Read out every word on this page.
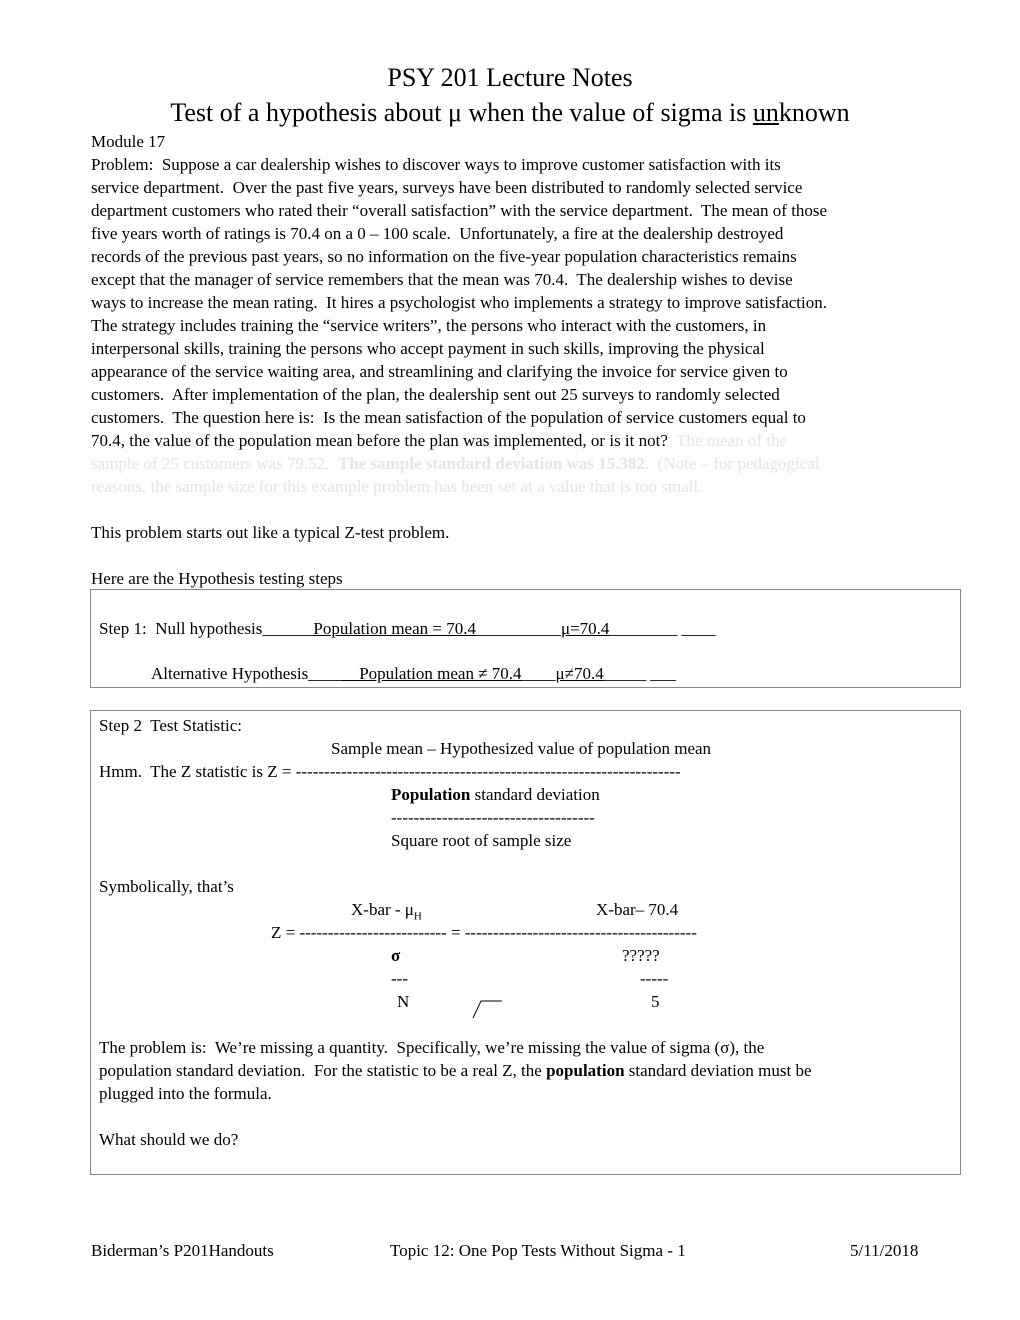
PSY 201 Lecture Notes
Test of a hypothesis about μ when the value of sigma is unknown
Module 17
Problem:  Suppose a car dealership wishes to discover ways to improve customer satisfaction with its
service department.  Over the past five years, surveys have been distributed to randomly selected service
department customers who rated their “overall satisfaction” with the service department.  The mean of those
five years worth of ratings is 70.4 on a 0 – 100 scale.  Unfortunately, a fire at the dealership destroyed
records of the previous past years, so no information on the five-year population characteristics remains
except that the manager of service remembers that the mean was 70.4.  The dealership wishes to devise
ways to increase the mean rating.  It hires a psychologist who implements a strategy to improve satisfaction.
The strategy includes training the “service writers”, the persons who interact with the customers, in
interpersonal skills, training the persons who accept payment in such skills, improving the physical
appearance of the service waiting area, and streamlining and clarifying the invoice for service given to
customers.  After implementation of the plan, the dealership sent out 25 surveys to randomly selected
customers.  The question here is:  Is the mean satisfaction of the population of service customers equal to
70.4, the value of the population mean before the plan was implemented, or is it not?  The mean of the
sample of 25 customers was 79.52.  The sample standard deviation was 15.382.  (Note – for pedagogical
reasons, the sample size for this example problem has been set at a value that is too small.
This problem starts out like a typical Z-test problem.
Here are the Hypothesis testing steps
Step 1:  Null hypothesis______Population mean = 70.4__________μ=70.4________ ____
Alternative Hypothesis______Population mean ≠ 70.4____μ≠70.4_____ ___
Step 2  Test Statistic:
Sample mean – Hypothesized value of population mean
Hmm.  The Z statistic is Z = --------------------------------------------------------------------
Population standard deviation
------------------------------------
Square root of sample size
Symbolically, that’s
$X-bar - \mu_H$	X-bar– 70.4
Z = -------------------------- = -----------------------------------------
σ	?????
---	-----
N	5
The problem is:  We’re missing a quantity.  Specifically, we’re missing the value of sigma (σ), the
population standard deviation.  For the statistic to be a real Z, the population standard deviation must be
plugged into the formula.
What should we do?
Biderman’s P201Handouts	Topic 12: One Pop Tests Without Sigma - 1	5/11/2018
